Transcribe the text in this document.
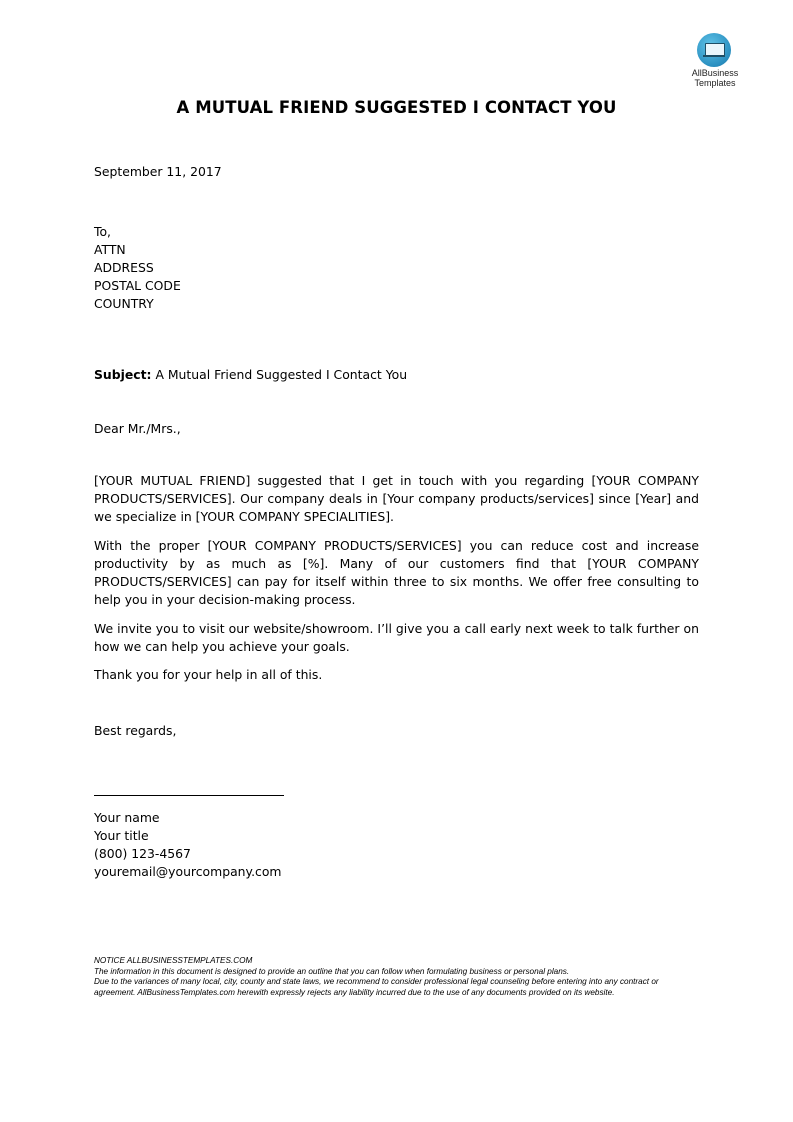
AllBusiness
Templates
A MUTUAL FRIEND SUGGESTED I CONTACT YOU
September 11, 2017
To,
ATTN
ADDRESS
POSTAL CODE
COUNTRY
Subject: A Mutual Friend Suggested I Contact You
Dear Mr./Mrs.,
[YOUR MUTUAL FRIEND] suggested that I get in touch with you regarding [YOUR COMPANY PRODUCTS/SERVICES]. Our company deals in [Your company products/services] since [Year] and we specialize in [YOUR COMPANY SPECIALITIES].
With the proper [YOUR COMPANY PRODUCTS/SERVICES] you can reduce cost and increase productivity by as much as [%]. Many of our customers find that [YOUR COMPANY PRODUCTS/SERVICES] can pay for itself within three to six months. We offer free consulting to help you in your decision-making process.
We invite you to visit our website/showroom. I’ll give you a call early next week to talk further on how we can help you achieve your goals.
Thank you for your help in all of this.
Best regards,
Your name
Your title
(800) 123-4567
youremail@yourcompany.com
NOTICE ALLBUSINESSTEMPLATES.COM
The information in this document is designed to provide an outline that you can follow when formulating business or personal plans.
Due to the variances of many local, city, county and state laws, we recommend to consider professional legal counseling before entering into any contract or agreement. AllBusinessTemplates.com herewith expressly rejects any liability incurred due to the use of any documents provided on its website.
